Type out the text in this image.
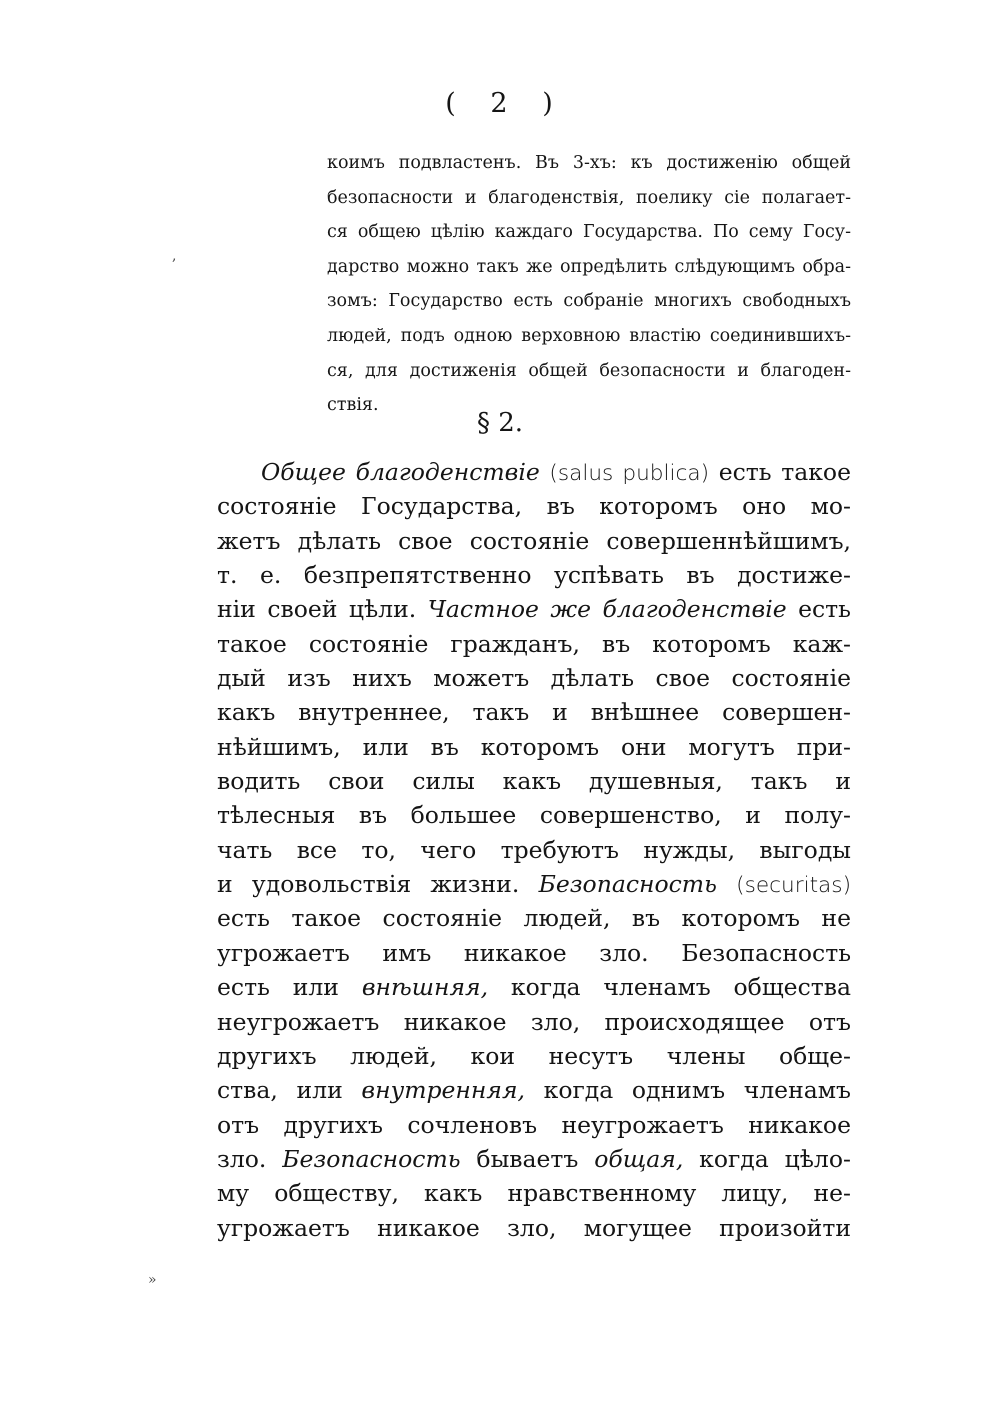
( 2 )
коимъ подвластенъ. Въ 3-хъ: къ достиженію общей
безопасности и благоденствія, поелику сіе полагает-
ся общею цѣлію каждаго Государства. По сему Госу-
дарство можно такъ же опредѣлить слѣдующимъ обра-
зомъ: Государство есть собраніе многихъ свободныхъ
людей, подъ одною верховною властію соединившихъ-
ся, для достиженія общей безопасности и благоден-
ствія.
,
§ 2.
Общее благоденствіе (salus publica) есть такое
состояніе Государства, въ которомъ оно мо-
жетъ дѣлать свое состояніе совершеннѣйшимъ,
т. е. безпрепятственно успѣвать въ достиже-
ніи своей цѣли. Частное же благоденствіе есть
такое состояніе гражданъ, въ которомъ каж-
дый изъ нихъ можетъ дѣлать свое состояніе
какъ внутреннее, такъ и внѣшнее совершен-
нѣйшимъ, или въ которомъ они могутъ при-
водить свои силы какъ душевныя, такъ и
тѣлесныя въ большее совершенство, и полу-
чать все то, чего требуютъ нужды, выгоды
и удовольствія жизни. Безопасность (securitas)
есть такое состояніе людей, въ которомъ не
угрожаетъ имъ никакое зло. Безопасность
есть или внѣшняя, когда членамъ общества
неугрожаетъ никакое зло, происходящее отъ
другихъ людей, кои несутъ члены обще-
ства, или внутренняя, когда однимъ членамъ
отъ другихъ сочленовъ неугрожаетъ никакое
зло. Безопасность бываетъ общая, когда цѣло-
му обществу, какъ нравственному лицу, не-
угрожаетъ никакое зло, могущее произойти
»
